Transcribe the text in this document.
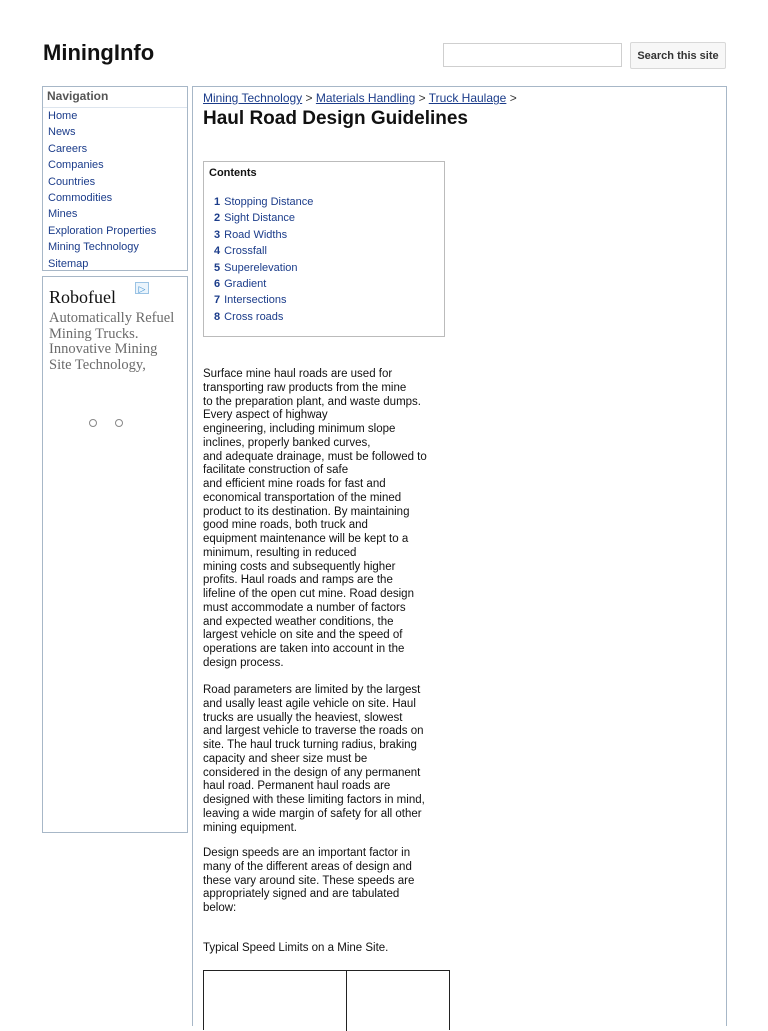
MiningInfo	Search this site
Navigation
Home
News
Careers
Companies
Countries
Commodities
Mines
Exploration Properties
Mining Technology
Sitemap
Robofuel	▷
Automatically Refuel Mining Trucks. Innovative Mining Site Technology,
Mining Technology > Materials Handling > Truck Haulage >
Haul Road Design Guidelines
Contents
1 Stopping Distance
2 Sight Distance
3 Road Widths
4 Crossfall
5 Superelevation
6 Gradient
7 Intersections
8 Cross roads

Surface mine haul roads are used for
transporting raw products from the mine
to the preparation plant, and waste dumps.
Every aspect of highway
engineering, including minimum slope
inclines, properly banked curves,
and adequate drainage, must be followed to
facilitate construction of safe
and efficient mine roads for fast and
economical transportation of the mined
product to its destination. By maintaining
good mine roads, both truck and
equipment maintenance will be kept to a
minimum, resulting in reduced
mining costs and subsequently higher
profits. Haul roads and ramps are the
lifeline of the open cut mine. Road design
must accommodate a number of factors
and expected weather conditions, the
largest vehicle on site and the speed of
operations are taken into account in the
design process.

Road parameters are limited by the largest
and usally least agile vehicle on site. Haul
trucks are usually the heaviest, slowest
and largest vehicle to traverse the roads on
site. The haul truck turning radius, braking
capacity and sheer size must be
considered in the design of any permanent
haul road. Permanent haul roads are
designed with these limiting factors in mind,
leaving a wide margin of safety for all other
mining equipment.

Design speeds are an important factor in
many of the different areas of design and
these vary around site. These speeds are
appropriately signed and are tabulated
below:

Typical Speed Limits on a Mine Site.
